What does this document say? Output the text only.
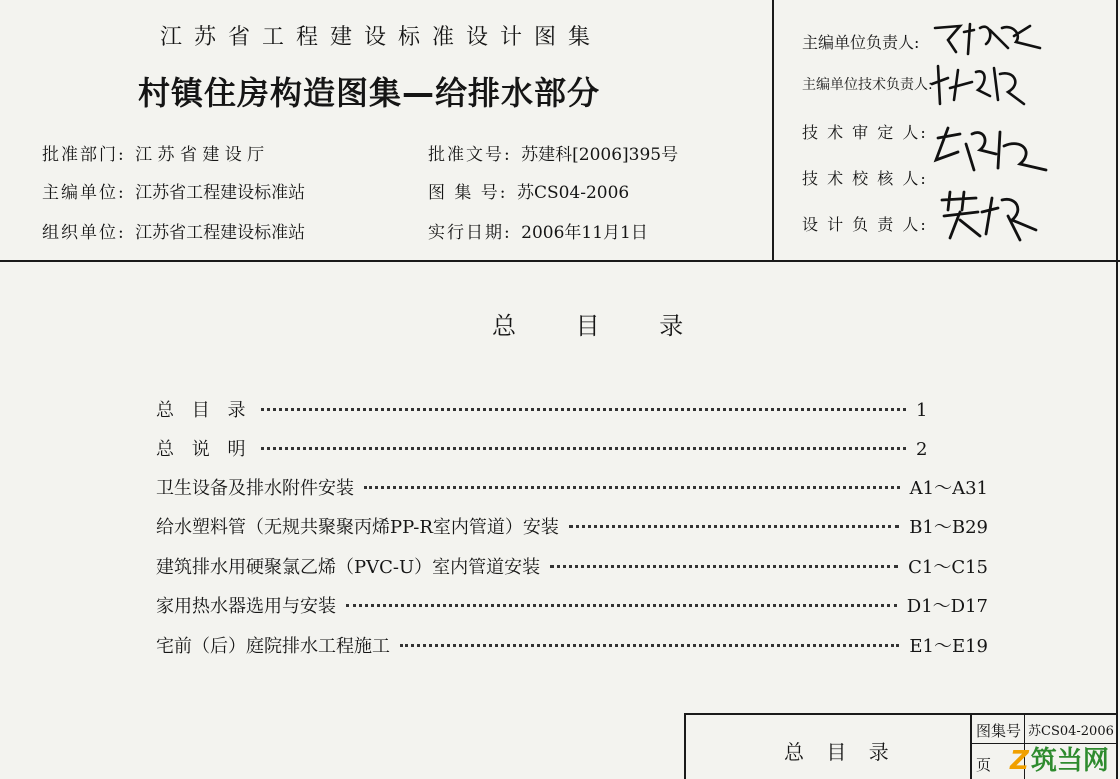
江苏省工程建设标准设计图集
村镇住房构造图集—给排水部分
批准部门: 江 苏 省 建 设 厅
主编单位: 江苏省工程建设标准站
组织单位: 江苏省工程建设标准站
批准文号: 苏建科[2006]395号
图 集 号: 苏CS04-2006
实行日期: 2006年11月1日
主编单位负责人:
主编单位技术负责人:
技 术 审 定 人:
技 术 校 核 人:
设 计 负 责 人:
总 目 录
总 目 录	1
总 说 明	2
卫生设备及排水附件安装	A1～A31
给水塑料管（无规共聚聚丙烯PP-R室内管道）安装	B1～B29
建筑排水用硬聚氯乙烯（PVC-U）室内管道安装	C1～C15
家用热水器选用与安装	D1～D17
宅前（后）庭院排水工程施工	E1～E19
总 目 录
图集号 苏CS04-2006
页 Z筑当网
